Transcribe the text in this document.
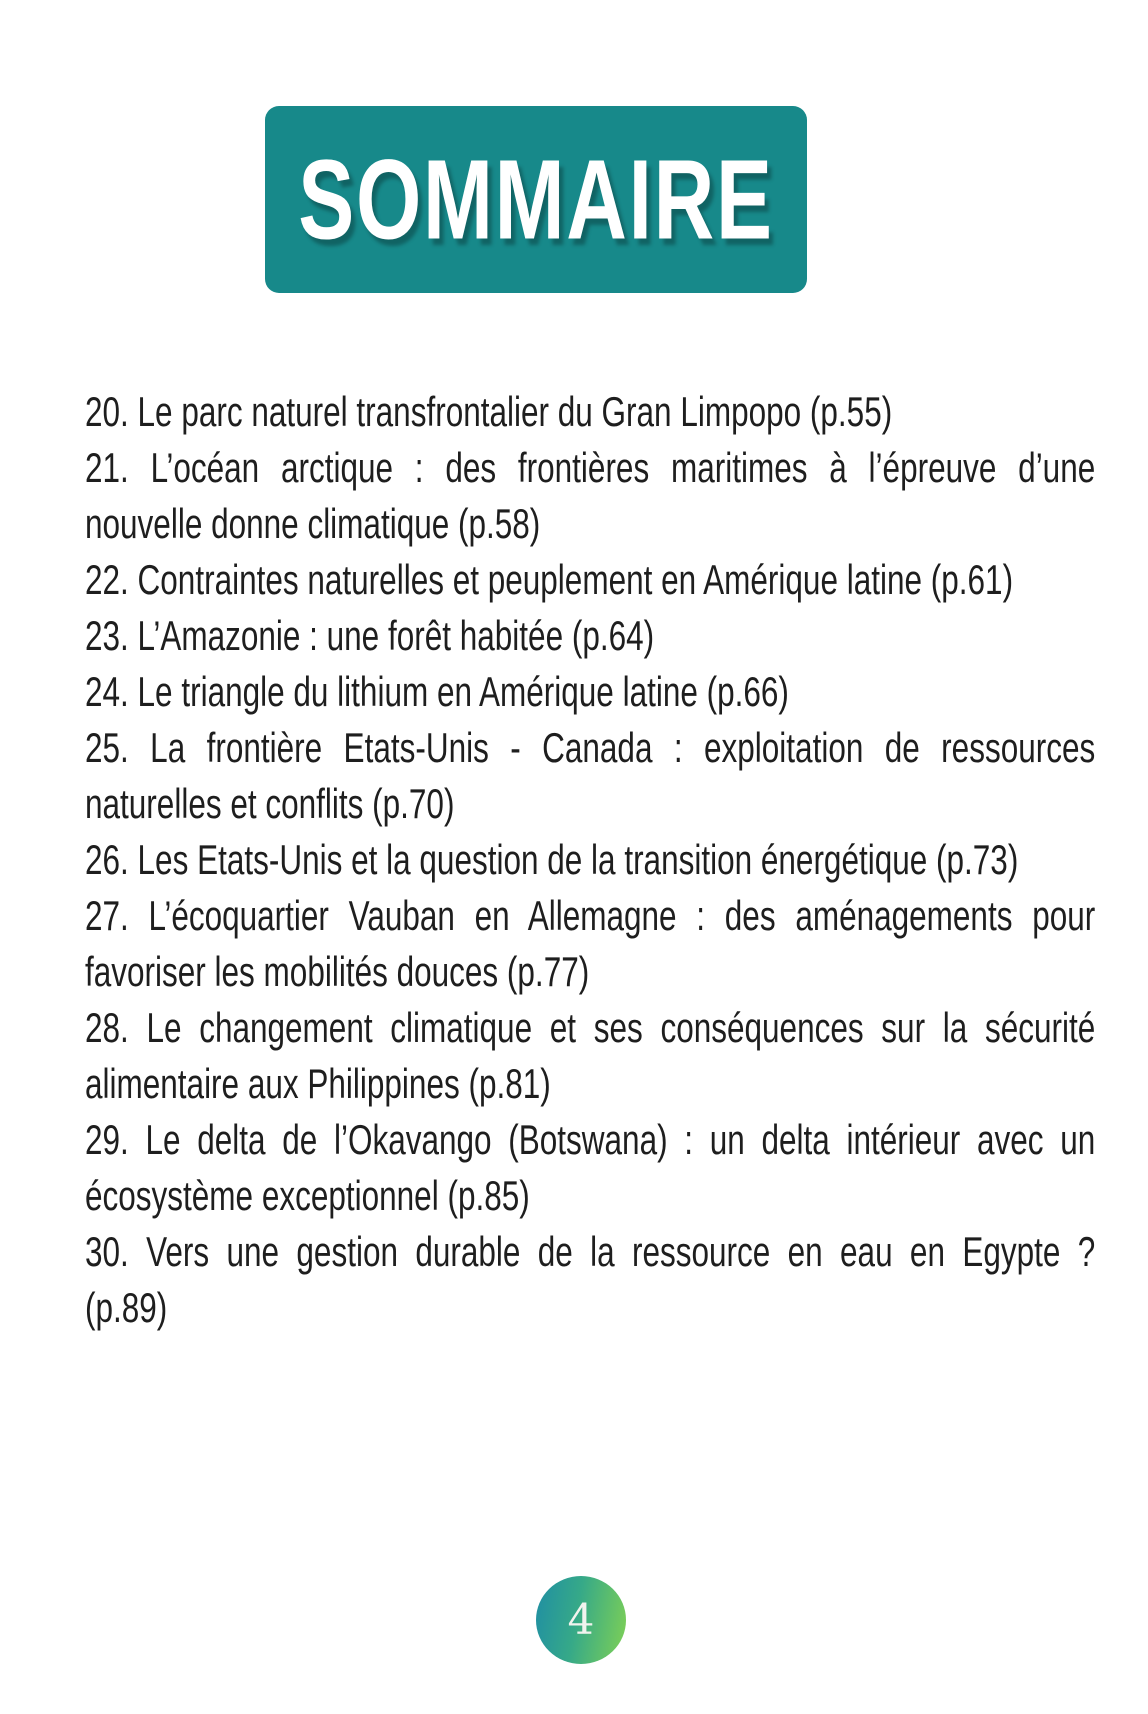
SOMMAIRE
20. Le parc naturel transfrontalier du Gran Limpopo (p.55)
21. L’océan arctique : des frontières maritimes à l’épreuve d’une
nouvelle donne climatique (p.58)
22. Contraintes naturelles et peuplement en Amérique latine (p.61)
23. L’Amazonie : une forêt habitée (p.64)
24. Le triangle du lithium en Amérique latine (p.66)
25. La frontière Etats-Unis - Canada : exploitation de ressources
naturelles et conflits (p.70)
26. Les Etats-Unis et la question de la transition énergétique (p.73)
27. L’écoquartier Vauban en Allemagne : des aménagements pour
favoriser les mobilités douces (p.77)
28. Le changement climatique et ses conséquences sur la sécurité
alimentaire aux Philippines (p.81)
29. Le delta de l’Okavango (Botswana) : un delta intérieur avec un
écosystème exceptionnel (p.85)
30. Vers une gestion durable de la ressource en eau en Egypte ?
(p.89)
4
